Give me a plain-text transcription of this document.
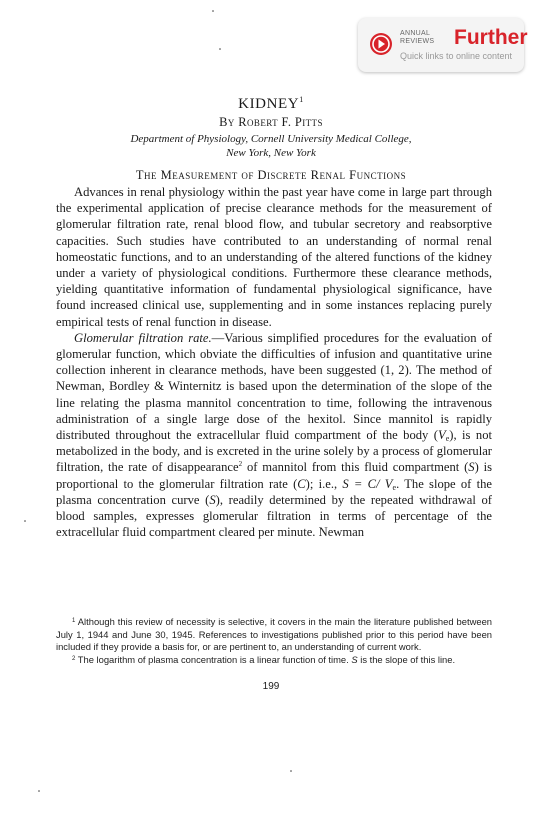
ANNUAL REVIEWS Further
Quick links to online content
KIDNEY$^1$
By Robert F. Pitts
Department of Physiology, Cornell University Medical College,
New York, New York
The Measurement of Discrete Renal Functions

Advances in renal physiology within the past year have come in large part through the experimental application of precise clearance methods for the measurement of glomerular filtration rate, renal blood flow, and tubular secretory and reabsorptive capacities. Such studies have contributed to an understanding of normal renal homeostatic functions, and to an understanding of the altered functions of the kidney under a variety of physiological conditions. Furthermore these clearance methods, yielding quantitative information of fundamental physiological significance, have found increased clinical use, supplementing and in some instances replacing purely empirical tests of renal function in disease.

Glomerular filtration rate.—Various simplified procedures for the evaluation of glomerular function, which obviate the difficulties of infusion and quantitative urine collection inherent in clearance methods, have been suggested (1, 2). The method of Newman, Bordley & Winternitz is based upon the determination of the slope of the line relating the plasma mannitol concentration to time, following the intravenous administration of a single large dose of the hexitol. Since mannitol is rapidly distributed throughout the extracellular fluid compartment of the body $(V_e)$, is not metabolized in the body, and is excreted in the urine solely by a process of glomerular filtration, the rate of disappearance$^2$ of mannitol from this fluid compartment (S) is proportional to the glomerular filtration rate (C); i.e., S = C/ $V_e$. The slope of the plasma concentration curve (S), readily determined by the repeated withdrawal of blood samples, expresses glomerular filtration in terms of percentage of the extracellular fluid compartment cleared per minute. Newman

$^1$ Although this review of necessity is selective, it covers in the main the literature published between July 1, 1944 and June 30, 1945. References to investigations published prior to this period have been included if they provide a basis for, or are pertinent to, an understanding of current work.

$^2$ The logarithm of plasma concentration is a linear function of time. S is the slope of this line.

199
